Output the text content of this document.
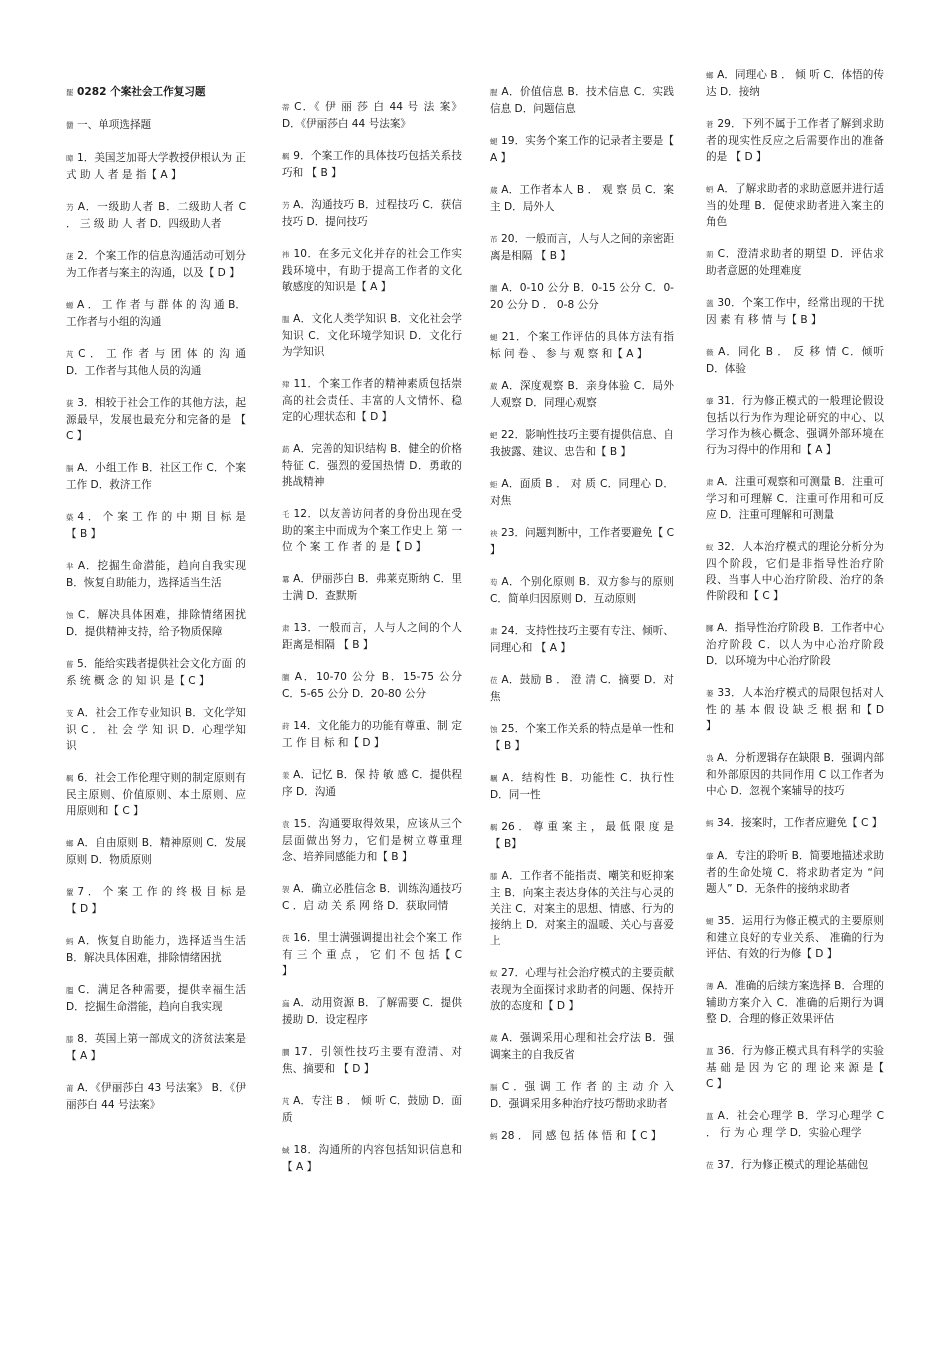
罷 0282 个案社会工作复习题
羀 一、单项选择题
暲 1．美国芝加哥大学教授伊根认为 正 式 助 人 者 是 指【 A 】
芀 A．一级助人者 B．二级助人者 C ． 三 级 助 人 者 D．四级助人者
蒁 2．个案工作的信息沟通活动可划分为工作者与案主的沟通，以及【 D 】
螈 A ． 工 作 者 与 群 体 的 沟 通 B．工作者与小组的沟通
芃 C ． 工 作 者 与 团 体 的 沟 通 D．工作者与其他人员的沟通
莸 3．相较于社会工作的其他方法，起源最早，发展也最充分和完备的是 【 C 】
膈 A．小组工作 B．社区工作 C．个案工作 D．救济工作
蒅 4 ． 个 案 工 作 的 中 期 目 标 是【 B 】
芈 A．挖掘生命潜能，趋向自我实现 B．恢复自助能力，选择适当生活
蚀 C．解决具体困难，排除情绪困扰 D．提供精神支持，给予物质保障
蒈 5．能给实践者提供社会文化方面 的 系 统 概 念 的 知 识 是【 C 】
芆 A．社会工作专业知识 B．文化学知识 C ． 社 会 学 知 识 D．心理学知识
羁 6．社会工作伦理守则的制定原则有民主原则、价值原则、本土原则、应用原则和【 C 】
螂 A．自由原则 B．精神原则 C．发展原则 D．物质原则
罿 7 ． 个 案 工 作 的 终 极 目 标 是【 D 】
蚂 A．恢复自助能力，选择适当生活 B．解决具体困难，排除情绪困扰
膃 C．满足各种需要，提供幸福生活 D．挖掘生命潜能，趋向自我实现
膝 8．英国上第一部成文的济贫法案是 【 A 】
莆 A．《伊丽莎白 43 号法案》 B．《伊丽莎白 44 号法案》
蒂 C．《 伊 丽 莎 白 44 号 法 案》 D．《伊丽莎白 44 号法案》
羁 9．个案工作的具体技巧包括关系技巧和 【 B 】
芀 A．沟通技巧 B．过程技巧 C．获信技巧 D．提问技巧
袆 10．在多元文化并存的社会工作实践环境中，有助于提高工作者的文化敏感度的知识是【 A 】
腽 A．文化人类学知识 B．文化社会学知识 C．文化环境学知识 D．文化行为学知识
肂 11．个案工作者的精神素质包括崇高的社会责任、丰富的人文情怀、稳定的心理状态和【 D 】
莇 A．完善的知识结构 B．健全的价格特征 C．强烈的爱国热情 D．勇敢的挑战精神
乇 12．以友善访问者的身份出现在受助的案主中而成为个案工作史上 第 一 位 个 案 工 作 者 的 是【 D 】
羃 A．伊丽莎白 B．弗莱克斯纳 C．里士满 D．查默斯
肃 13．一般而言，人与人之间的个人距离是相隔 【 B 】
膻 A．10-70 公分 B．15-75 公分 C．5-65 公分 D．20-80 公分
莳 14．文化能力的功能有尊重、制 定 工 作 目 标 和【 D 】
羕 A．记忆 B．保 持 敏 感 C．提供程序 D．沟通
袁 15．沟通要取得效果，应该从三个层面做出努力，它们是树立尊重理念、培养同感能力和【 B 】
袈 A．确立必胜信念 B．训练沟通技巧 C ．启 动 关 系 网 络 D．获取同情
莐 16．里士满强调提出社会个案工 作 有 三 个 重 点 ， 它 们 不 包 括【 C 】
蝱 A．动用资源 B．了解需要 C．提供援助 D．设定程序
膶 17．引领性技巧主要有澄清、对焦、摘要和 【 D 】
芃 A．专注 B ． 倾 听 C．鼓励 D．面质
蜮 18．沟通所的内容包括知识信息和 【 A 】
腥 A．价值信息 B．技术信息 C．实践信息 D．问题信息
螁 19．实务个案工作的记录者主要是【 A 】
蒇 A．工作者本人 B ． 观 察 员 C．案主 D．局外人
芇 20．一般而言，人与人之间的亲密距离是相隔 【 B 】
膻 A．0-10 公分 B．0-15 公分 C．0-20 公分 D ． 0-8 公分
螁 21．个案工作评估的具体方法有指 标 问 卷 、 参 与 观 察 和【 A 】
葳 A．深度观察 B．亲身体验 C．局外人观察 D．同理心观察
蚆 22．影响性技巧主要有提供信息、自我披露、建议、忠告和【 B 】
蚷 A．面质 B ． 对 质 C．同理心 D．对焦
袂 23．问题判断中，工作者要避免【 C 】
芶 A．个别化原则 B．双方参与的原则 C．简单归因原则 D．互动原则
肃 24．支持性技巧主要有专注、倾听、同理心和 【 A 】
莅 A．鼓励 B ． 澄 清 C．摘要 D．对焦
蚀 25．个案工作关系的特点是单一性和 【 B 】
羈 A．结构性 B．功能性 C．执行性 D．同一性
羁 26 ． 尊 重 案 主 ， 最 低 限 度 是【 B】
膝 A．工作者不能指责、嘲笑和贬抑案主 B．向案主表达身体的关注与心灵的关注 C．对案主的思想、情感、行为的接纳上 D．对案主的温暖、关心与喜爱上
蚁 27．心理与社会治疗模式的主要贡献表现为全面探讨求助者的问题、保持开放的态度和【 D 】
蒇 A．强调采用心理和社会疗法 B．强调案主的自我反省
膈 C ．强 调 工 作 者 的 主 动 介 入 D．强调采用多种治疗技巧帮助求助者
蚂 28 ． 同 感 包 括 体 悟 和【 C 】
螂 A．同理心 B ． 倾 听 C．体悟的传达 D．接纳
莙 29．下列不属于工作者了解到求助者的现实性反应之后需要作出的准备的是 【 D 】
蚒 A．了解求助者的求助意愿并进行适当的处理 B．促使求助者进入案主的角色
荝 C．澄清求助者的期望 D．评估求助者意愿的处理难度
薀 30．个案工作中，经常出现的干扰 因 素 有 移 情 与【 B 】
薇 A．同化 B ． 反 移 情 C．倾听 D．体验
肇 31．行为修正模式的一般理论假设包括以行为作为理论研究的中心、以学习作为核心概念、强调外部环境在行为习得中的作用和【 A 】
肃 A．注重可观察和可测量 B．注重可学习和可理解 C．注重可作用和可反应 D．注重可理解和可测量
蚁 32．人本治疗模式的理论分析分为四个阶段，它们是非指导性治疗阶段、当事人中心治疗阶段、治疗的条件阶段和【 C 】
膷 A．指导性治疗阶段 B．工作者中心治疗阶段 C．以人为中心治疗阶段 D．以环境为中心治疗阶段
蒌 33．人本治疗模式的局限包括对人 性 的 基 本 假 设 缺 乏 根 据 和【 D 】
袅 A．分析逻辑存在缺限 B．强调内部和外部原因的共同作用 C 以工作者为中心 D．忽视个案辅导的技巧
蚂 34．接案时，工作者应避免【 C 】
肇 A．专注的聆听 B．简要地描述求助者的生命处境 C．将求助者定为 “问题人” D．无条件的接纳求助者
螁 35．运用行为修正模式的主要原则和建立良好的专业关系、 准确的行为评估、有效的行为修【 D 】
薄 A．准确的后续方案选择 B．合理的辅助方案介入 C．准确的后期行为调整 D．合理的修正效果评估
蒀 36．行为修正模式具有科学的实验 基 础 是 因 为 它 的 理 论 来 源 是【 C 】
蒀 A．社会心理学 B．学习心理学 C ． 行 为 心 理 学 D．实验心理学
莅 37．行为修正模式的理论基础包
